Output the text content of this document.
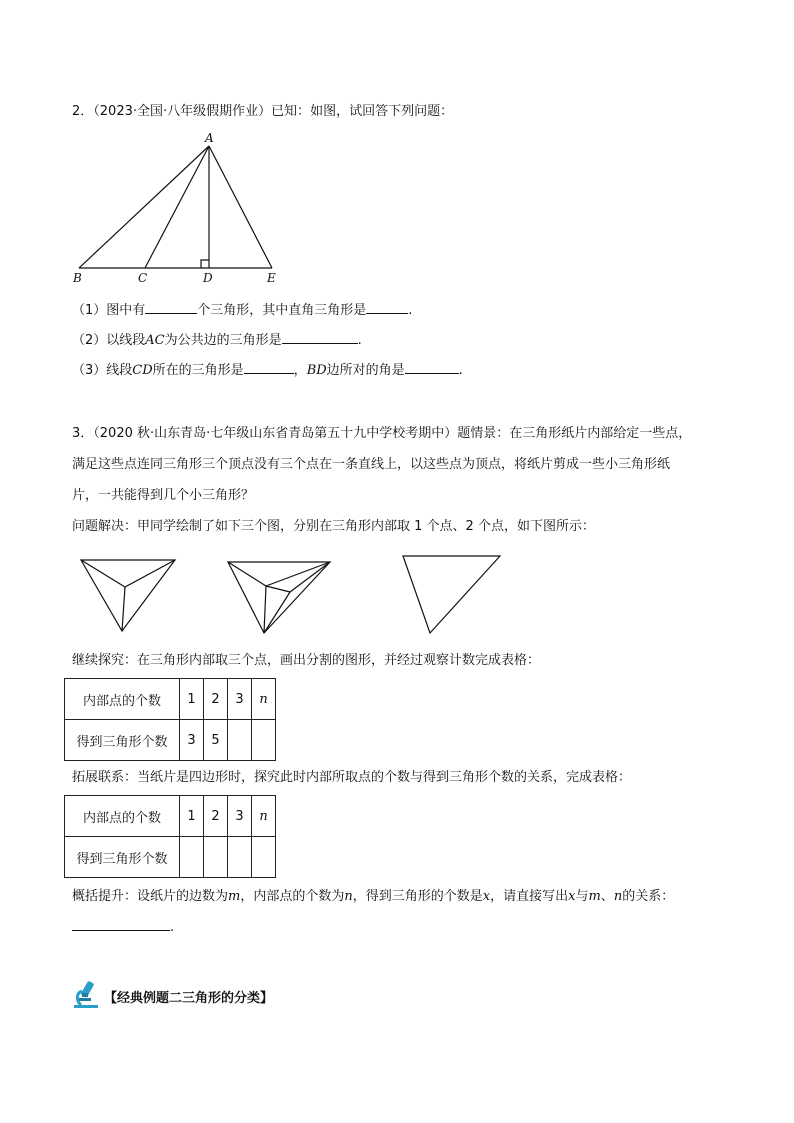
2．（2023·全国·八年级假期作业）已知：如图，试回答下列问题：
A
B	C	D	E
（1）图中有	个三角形，其中直角三角形是	.
（2）以线段AC为公共边的三角形是	.
（3）线段CD所在的三角形是	，BD边所对的角是	.
3．（2020 秋·山东青岛·七年级山东省青岛第五十九中学校考期中）题情景：在三角形纸片内部给定一些点，
满足这些点连同三角形三个顶点没有三个点在一条直线上，以这些点为顶点，将纸片剪成一些小三角形纸
片，一共能得到几个小三角形？
问题解决：甲同学绘制了如下三个图，分别在三角形内部取 1 个点、2 个点，如下图所示：
继续探究：在三角形内部取三个点，画出分割的图形，并经过观察计数完成表格：
内部点的个数	1	2	3	n
得到三角形个数	3	5		
拓展联系：当纸片是四边形时，探究此时内部所取点的个数与得到三角形个数的关系，完成表格：
内部点的个数	1	2	3	n
得到三角形个数				
概括提升：设纸片的边数为m，内部点的个数为n，得到三角形的个数是x，请直接写出x与m、n的关系：
.
【经典例题二三角形的分类】
